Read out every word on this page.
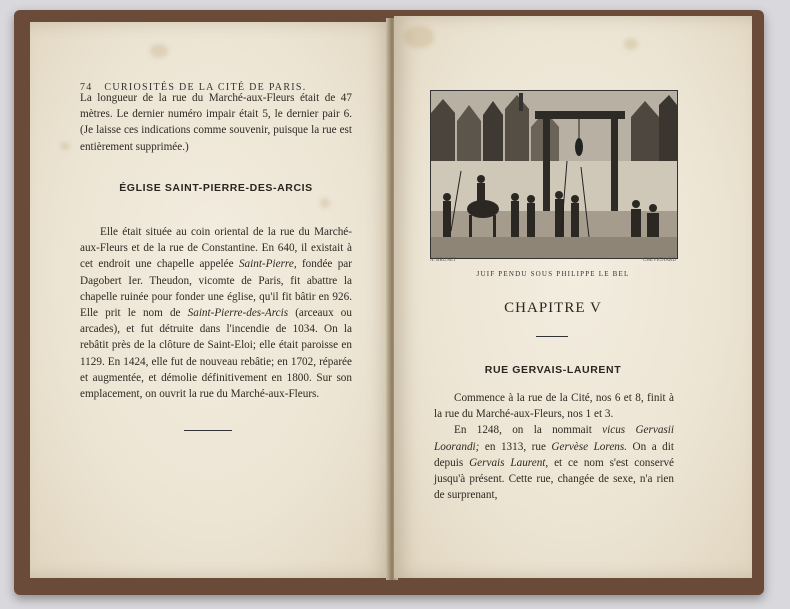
74 CURIOSITÉS DE LA CITÉ DE PARIS.

La longueur de la rue du Marché-aux-Fleurs était de 47 mètres. Le dernier numéro impair était 5, le dernier pair 6. (Je laisse ces indications comme souvenir, puisque la rue est entièrement supprimée.)

ÉGLISE SAINT-PIERRE-DES-ARCIS

Elle était située au coin oriental de la rue du Marché-aux-Fleurs et de la rue de Constantine. En 640, il existait à cet endroit une chapelle appelée Saint-Pierre, fondée par Dagobert Ier. Theudon, vicomte de Paris, fit abattre la chapelle ruinée pour fonder une église, qu'il fit bâtir en 926. Elle prit le nom de Saint-Pierre-des-Arcis (arceaux ou arcades), et fut détruite dans l'incendie de 1034. On la rebâtit près de la clôture de Saint-Eloi; elle était paroisse en 1129. En 1424, elle fut de nouveau rebâtie; en 1702, réparée et augmentée, et démolie définitivement en 1800. Sur son emplacement, on ouvrit la rue du Marché-aux-Fleurs.

A. BRUNET	CHEVIGNARD
JUIF PENDU SOUS PHILIPPE LE BEL
CHAPITRE V
RUE GERVAIS-LAURENT

Commence à la rue de la Cité, nos 6 et 8, finit à la rue du Marché-aux-Fleurs, nos 1 et 3.

En 1248, on la nommait vicus Gervasii Loorandi; en 1313, rue Gervèse Lorens. On a dit depuis Gervais Laurent, et ce nom s'est conservé jusqu'à présent. Cette rue, changée de sexe, n'a rien de surprenant,
